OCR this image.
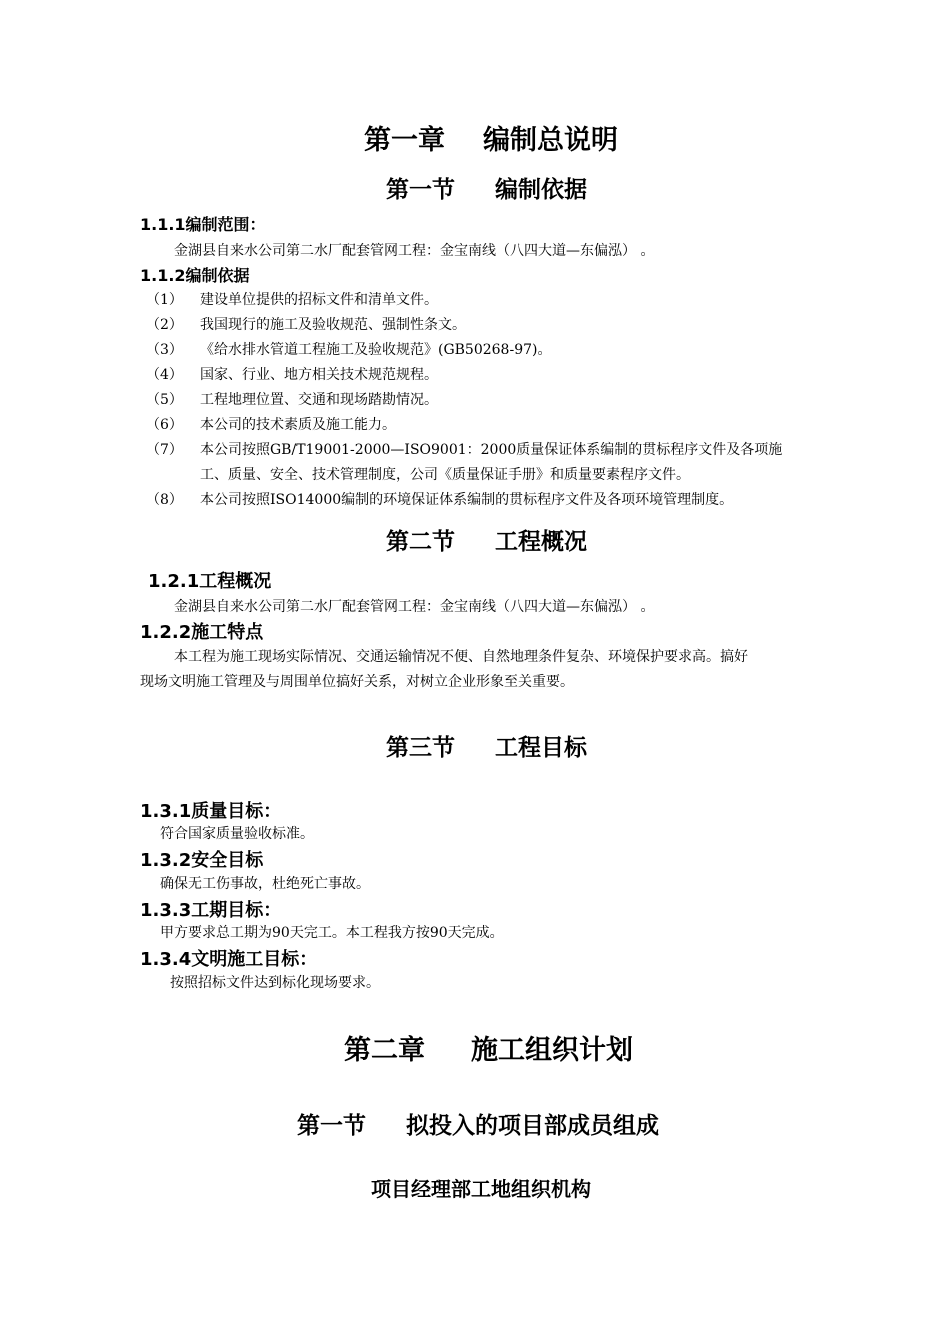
第一章 编制总说明
第一节 编制依据
1.1.1编制范围：
金湖县自来水公司第二水厂配套管网工程：金宝南线（八四大道—东偏泓） 。
1.1.2编制依据
（1） 建设单位提供的招标文件和清单文件。
（2） 我国现行的施工及验收规范、强制性条文。
（3） 《给水排水管道工程施工及验收规范》(GB50268-97)。
（4） 国家、行业、地方相关技术规范规程。
（5） 工程地理位置、交通和现场踏勘情况。
（6） 本公司的技术素质及施工能力。
（7） 本公司按照GB/T19001-2000—ISO9001：2000质量保证体系编制的贯标程序文件及各项施
工、质量、安全、技术管理制度，公司《质量保证手册》和质量要素程序文件。
（8） 本公司按照ISO14000编制的环境保证体系编制的贯标程序文件及各项环境管理制度。
第二节 工程概况
1.2.1工程概况
金湖县自来水公司第二水厂配套管网工程：金宝南线（八四大道—东偏泓） 。
1.2.2施工特点
本工程为施工现场实际情况、交通运输情况不便、自然地理条件复杂、环境保护要求高。搞好
现场文明施工管理及与周围单位搞好关系，对树立企业形象至关重要。
第三节 工程目标
1.3.1质量目标：
符合国家质量验收标准。
1.3.2安全目标
确保无工伤事故，杜绝死亡事故。
1.3.3工期目标：
甲方要求总工期为90天完工。本工程我方按90天完成。
1.3.4文明施工目标：
按照招标文件达到标化现场要求。
第二章 施工组织计划
第一节 拟投入的项目部成员组成
项目经理部工地组织机构
